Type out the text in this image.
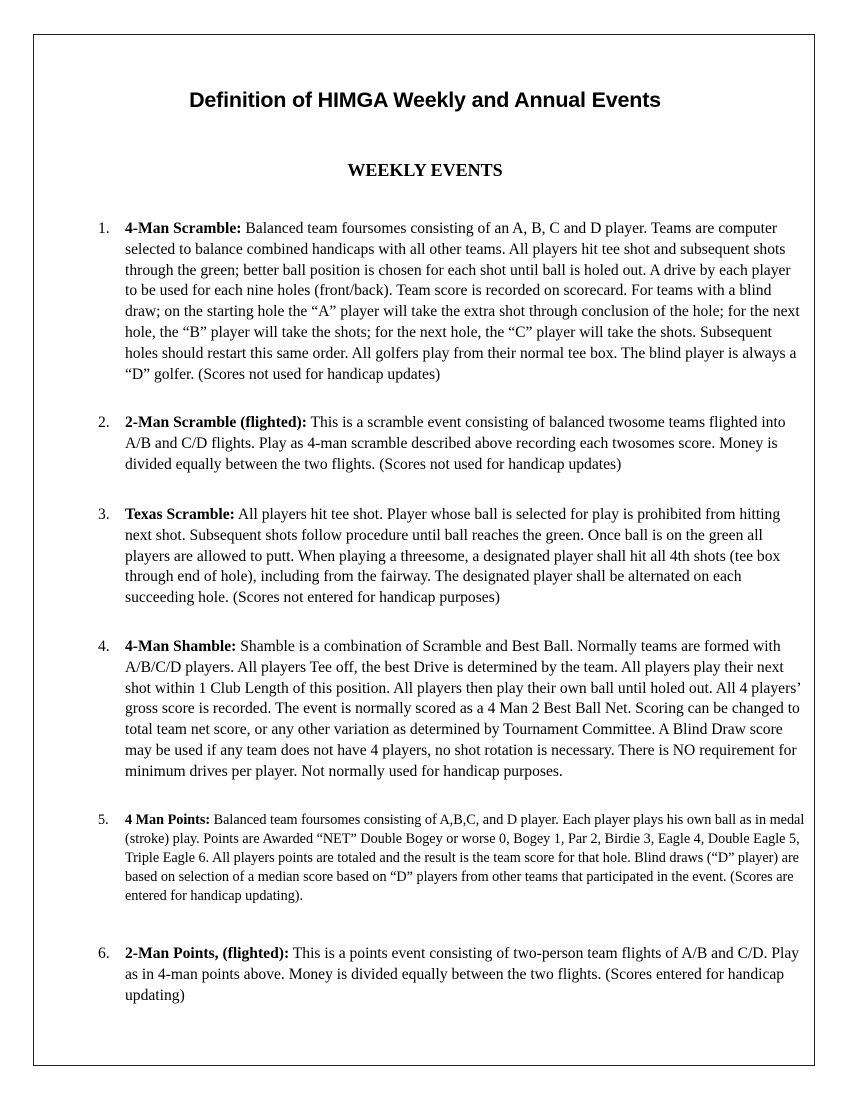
Definition of HIMGA Weekly and Annual Events
WEEKLY EVENTS
1. 4-Man Scramble: Balanced team foursomes consisting of an A, B, C and D player. Teams are computer selected to balance combined handicaps with all other teams. All players hit tee shot and subsequent shots through the green; better ball position is chosen for each shot until ball is holed out. A drive by each player to be used for each nine holes (front/back). Team score is recorded on scorecard. For teams with a blind draw; on the starting hole the “A” player will take the extra shot through conclusion of the hole; for the next hole, the “B” player will take the shots; for the next hole, the “C” player will take the shots. Subsequent holes should restart this same order. All golfers play from their normal tee box. The blind player is always a “D” golfer. (Scores not used for handicap updates)
2. 2-Man Scramble (flighted): This is a scramble event consisting of balanced twosome teams flighted into A/B and C/D flights. Play as 4-man scramble described above recording each twosomes score. Money is divided equally between the two flights. (Scores not used for handicap updates)
3. Texas Scramble: All players hit tee shot. Player whose ball is selected for play is prohibited from hitting next shot. Subsequent shots follow procedure until ball reaches the green. Once ball is on the green all players are allowed to putt. When playing a threesome, a designated player shall hit all 4th shots (tee box through end of hole), including from the fairway. The designated player shall be alternated on each succeeding hole. (Scores not entered for handicap purposes)
4. 4-Man Shamble: Shamble is a combination of Scramble and Best Ball. Normally teams are formed with A/B/C/D players. All players Tee off, the best Drive is determined by the team. All players play their next shot within 1 Club Length of this position. All players then play their own ball until holed out. All 4 players’ gross score is recorded. The event is normally scored as a 4 Man 2 Best Ball Net. Scoring can be changed to total team net score, or any other variation as determined by Tournament Committee. A Blind Draw score may be used if any team does not have 4 players, no shot rotation is necessary. There is NO requirement for minimum drives per player. Not normally used for handicap purposes.
5. 4 Man Points: Balanced team foursomes consisting of A,B,C, and D player. Each player plays his own ball as in medal (stroke) play. Points are Awarded “NET” Double Bogey or worse 0, Bogey 1, Par 2, Birdie 3, Eagle 4, Double Eagle 5, Triple Eagle 6. All players points are totaled and the result is the team score for that hole. Blind draws (“D” player) are based on selection of a median score based on “D” players from other teams that participated in the event. (Scores are entered for handicap updating).
6. 2-Man Points, (flighted): This is a points event consisting of two-person team flights of A/B and C/D. Play as in 4-man points above. Money is divided equally between the two flights. (Scores entered for handicap updating)
